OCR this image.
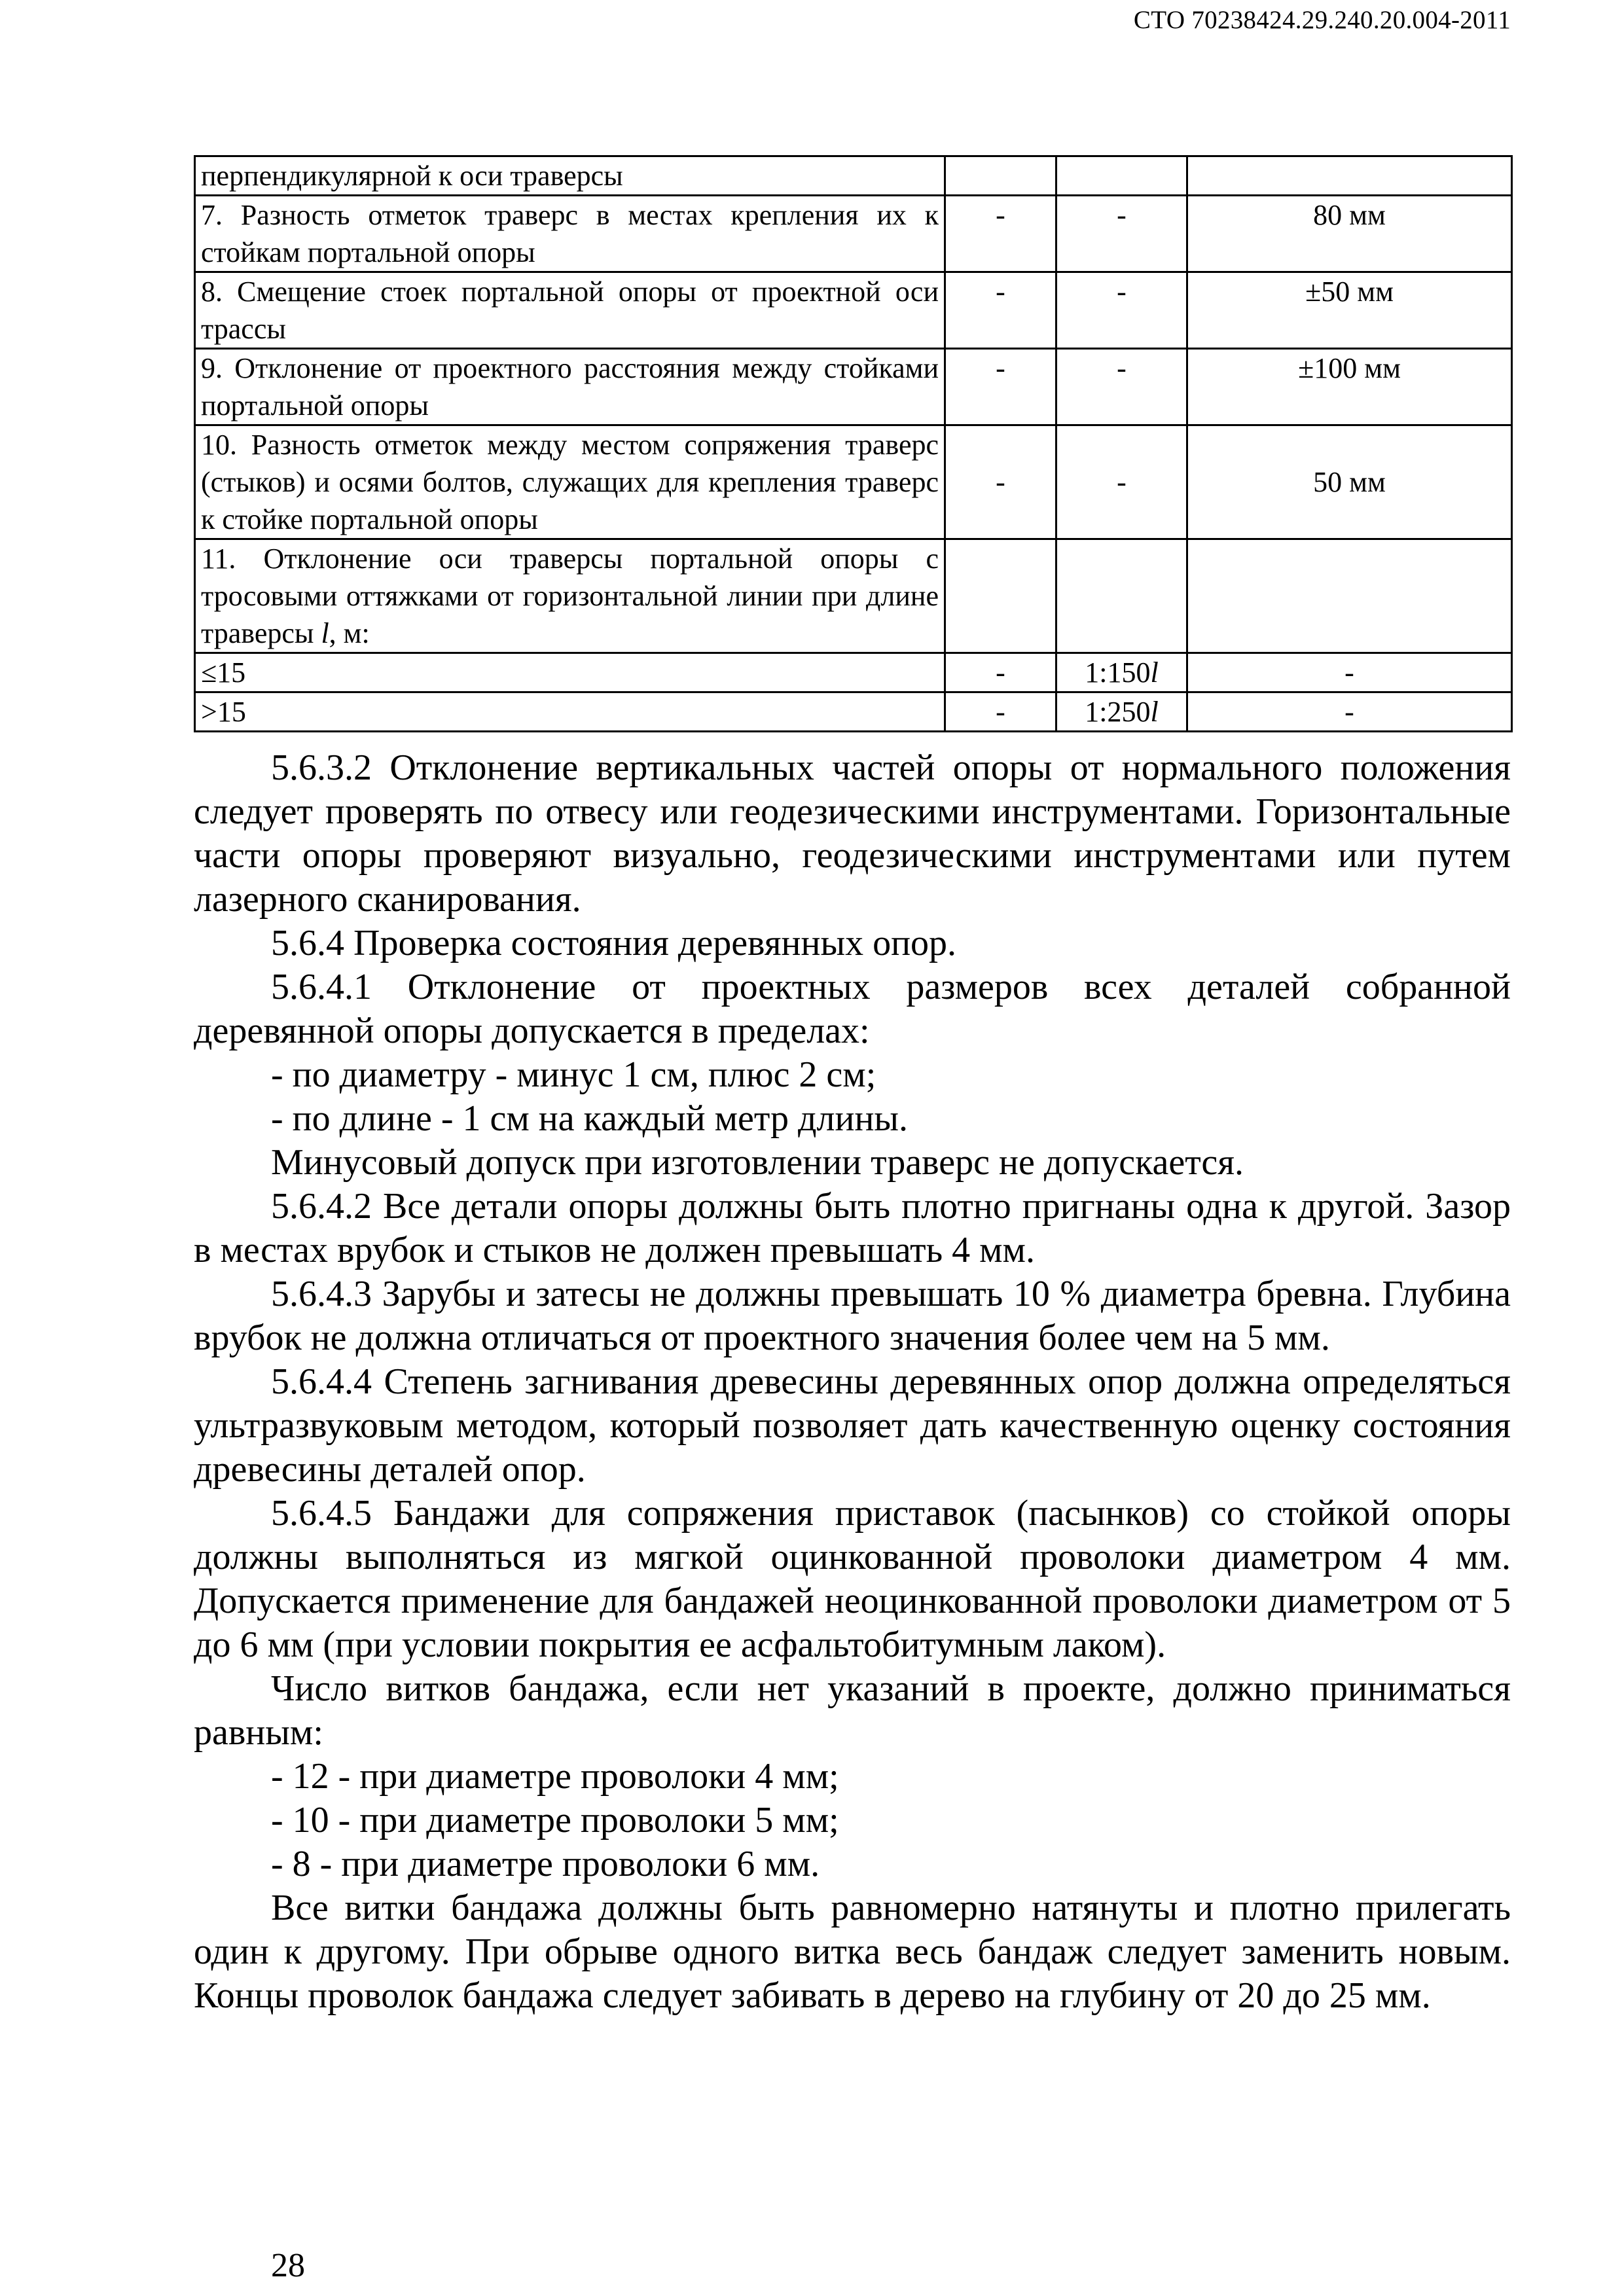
СТО 70238424.29.240.20.004-2011
перпендикулярной к оси траверсы			
7. Разность отметок траверс в местах крепления их к стойкам портальной опоры	-	-	80 мм
8. Смещение стоек портальной опоры от проектной оси трассы	-	-	±50 мм
9. Отклонение от проектного расстояния между стойками портальной опоры	-	-	±100 мм
10. Разность отметок между местом сопряжения траверс (стыков) и осями болтов, служащих для крепления траверс к стойке портальной опоры	-	-	50 мм
11. Отклонение оси траверсы портальной опоры с тросовыми оттяжками от горизонтальной линии при длине траверсы l, м:			
≤15	-	1:150l	-
>15	-	1:250l	-

5.6.3.2 Отклонение вертикальных частей опоры от нормального положения следует проверять по отвесу или геодезическими инструментами. Горизонтальные части опоры проверяют визуально, геодезическими инструментами или путем лазерного сканирования.

5.6.4 Проверка состояния деревянных опор.

5.6.4.1 Отклонение от проектных размеров всех деталей собранной деревянной опоры допускается в пределах:

- по диаметру - минус 1 см, плюс 2 см;

- по длине - 1 см на каждый метр длины.

Минусовый допуск при изготовлении траверс не допускается.

5.6.4.2 Все детали опоры должны быть плотно пригнаны одна к другой. Зазор в местах врубок и стыков не должен превышать 4 мм.

5.6.4.3 Зарубы и затесы не должны превышать 10 % диаметра бревна. Глубина врубок не должна отличаться от проектного значения более чем на 5 мм.

5.6.4.4 Степень загнивания древесины деревянных опор должна определяться ультразвуковым методом, который позволяет дать качественную оценку состояния древесины деталей опор.

5.6.4.5 Бандажи для сопряжения приставок (пасынков) со стойкой опоры должны выполняться из мягкой оцинкованной проволоки диаметром 4 мм. Допускается применение для бандажей неоцинкованной проволоки диаметром от 5 до 6 мм (при условии покрытия ее асфальтобитумным лаком).

Число витков бандажа, если нет указаний в проекте, должно приниматься равным:

- 12 - при диаметре проволоки 4 мм;

- 10 - при диаметре проволоки 5 мм;

- 8 - при диаметре проволоки 6 мм.

Все витки бандажа должны быть равномерно натянуты и плотно прилегать один к другому. При обрыве одного витка весь бандаж следует заменить новым. Концы проволок бандажа следует забивать в дерево на глубину от 20 до 25 мм.

28
